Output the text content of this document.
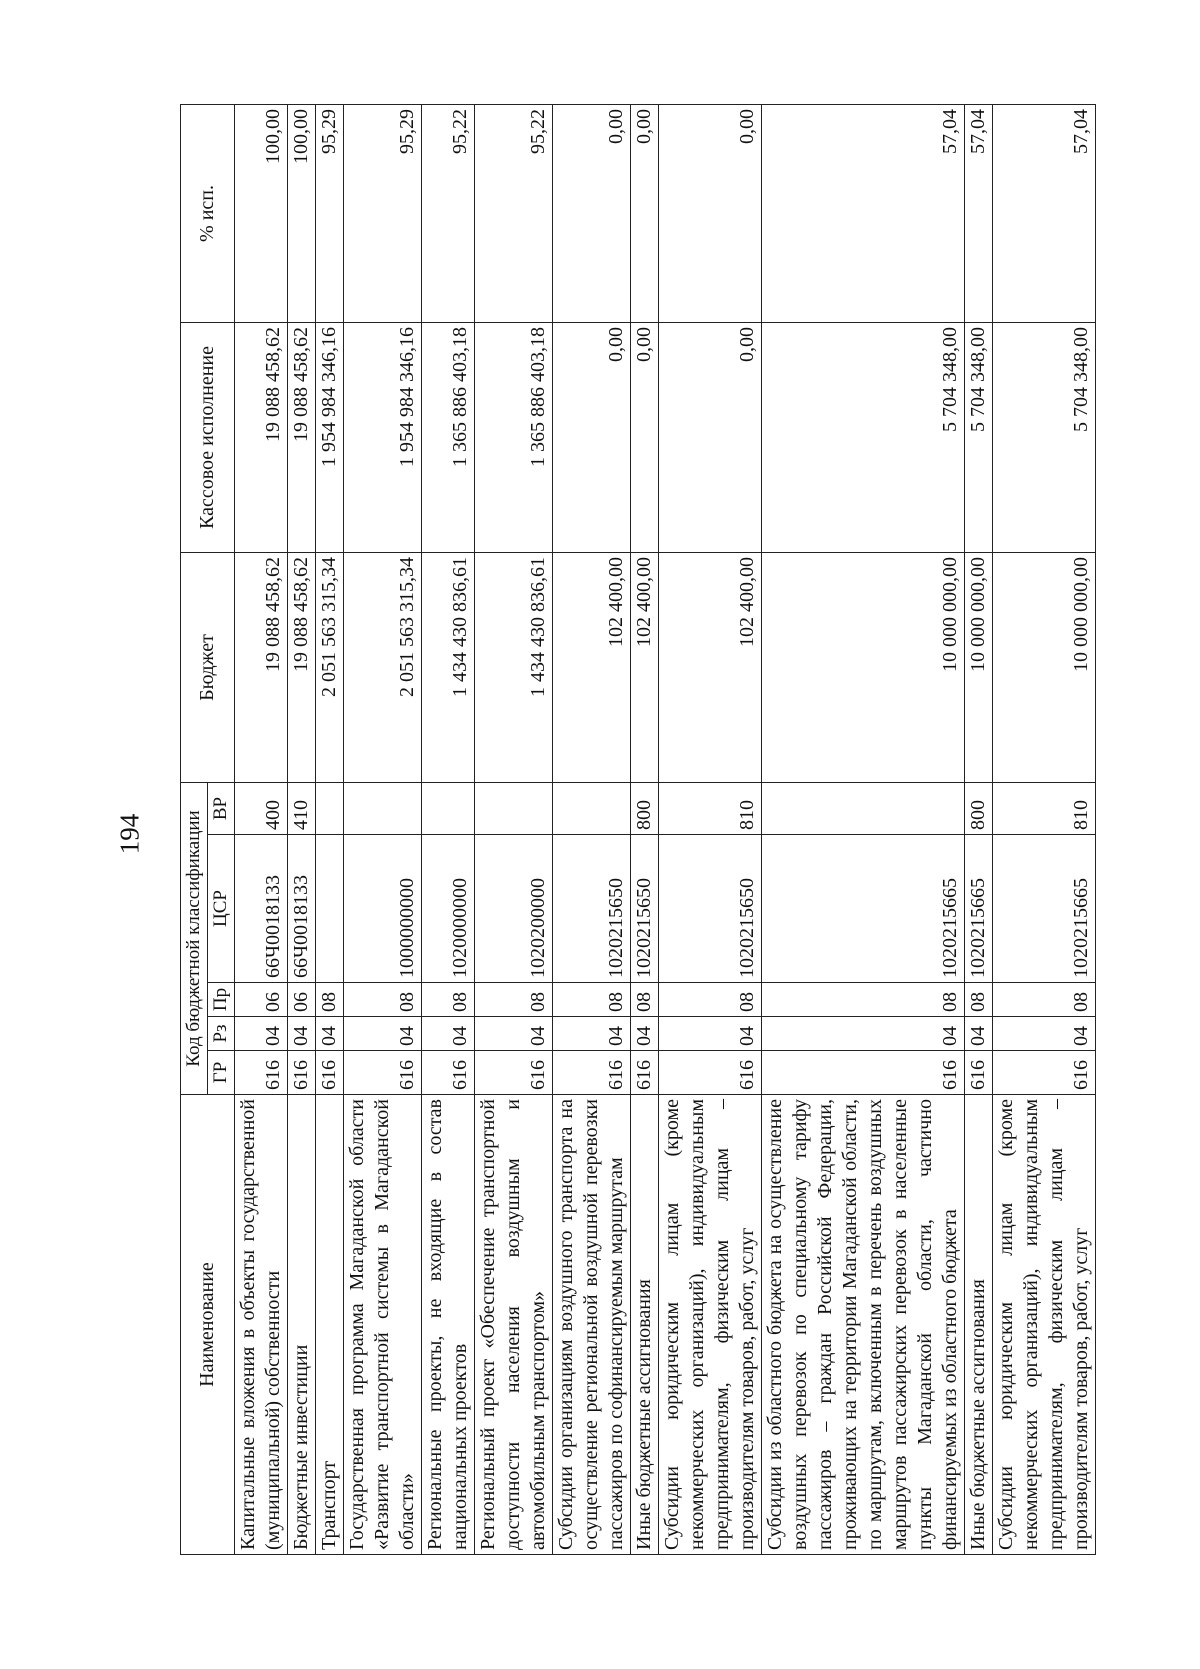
194
Наименование	Код бюджетной классификации					Бюджет	Кассовое исполнение	% исп.
	ГР	Рз	Пр	ЦСР	ВР			
Капитальные вложения в объекты государственной (муниципальной) собственности	616	04	06	66Ч0018133	400	19 088 458,62	19 088 458,62	100,00
Бюджетные инвестиции	616	04	06	66Ч0018133	410	19 088 458,62	19 088 458,62	100,00
Транспорт	616	04	08			2 051 563 315,34	1 954 984 346,16	95,29
Государственная программа Магаданской области «Развитие транспортной системы в Магаданской области»	616	04	08	1000000000		2 051 563 315,34	1 954 984 346,16	95,29
Региональные проекты, не входящие в состав национальных проектов	616	04	08	1020000000		1 434 430 836,61	1 365 886 403,18	95,22
Региональный проект «Обеспечение транспортной доступности населения воздушным и автомобильным транспортом»	616	04	08	1020200000		1 434 430 836,61	1 365 886 403,18	95,22
Субсидии организациям воздушного транспорта на осуществление региональной воздушной перевозки пассажиров по софинансируемым маршрутам	616	04	08	1020215650		102 400,00	0,00	0,00
Иные бюджетные ассигнования	616	04	08	1020215650	800	102 400,00	0,00	0,00
Субсидии юридическим лицам (кроме некоммерческих организаций), индивидуальным предпринимателям, физическим лицам – производителям товаров, работ, услуг	616	04	08	1020215650	810	102 400,00	0,00	0,00
Субсидии из областного бюджета на осуществление воздушных перевозок по специальному тарифу пассажиров – граждан Российской Федерации, проживающих на территории Магаданской области, по маршрутам, включенным в перечень воздушных маршрутов пассажирских перевозок в населенные пункты Магаданской области, частично финансируемых из областного бюджета	616	04	08	1020215665		10 000 000,00	5 704 348,00	57,04
Иные бюджетные ассигнования	616	04	08	1020215665	800	10 000 000,00	5 704 348,00	57,04
Субсидии юридическим лицам (кроме некоммерческих организаций), индивидуальным предпринимателям, физическим лицам – производителям товаров, работ, услуг	616	04	08	1020215665	810	10 000 000,00	5 704 348,00	57,04
